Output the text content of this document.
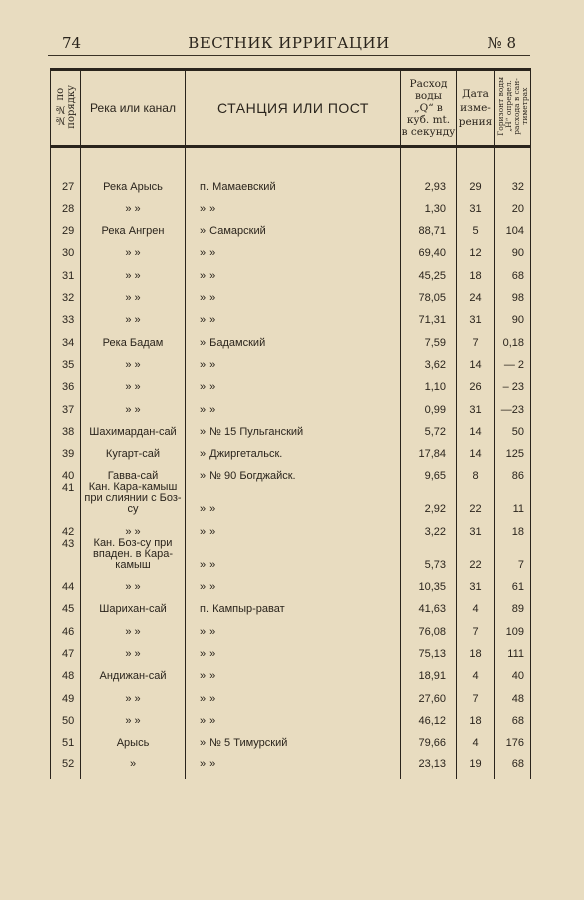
74	ВЕСТНИК ИРРИГАЦИИ	№ 8
№№ по
порядку	Река или канал	СТАНЦИЯ ИЛИ ПОСТ	Расход
воды
„Q“ в
куб. mt.
в секунду	Дата
изме-
рения	Горизонт воды
„Н“ определ.
расхода в сан-
тиметрах

27	Река Арысь	п. Мамаевский	2,93	29	32
28	» »	» »	1,30	31	20
29	Река Ангрен	» Самарский	88,71	5	104
30	» »	» »	69,40	12	90
31	» »	» »	45,25	18	68
32	» »	» »	78,05	24	98
33	» »	» »	71,31	31	90
34	Река Бадам	» Бадамский	7,59	7	0,18
35	» »	» »	3,62	14	— 2
36	» »	» »	1,10	26	– 23
37	» »	» »	0,99	31	—23
38	Шахимардан-сай	» № 15 Пульганский	5,72	14	50
39	Кугарт-сай	» Джиргетальск.	17,84	14	125
40	Гавва-сай	» № 90 Богджайск.	9,65	8	86
41	Кан. Кара-камыш при слиянии с Боз-су	» »	2,92	22	11
42	» »	» »	3,22	31	18
43	Кан. Боз-су при впаден. в Кара-камыш	» »	5,73	22	7
44	» »	» »	10,35	31	61
45	Шарихан-сай	п. Кампыр-рават	41,63	4	89
46	» »	» »	76,08	7	109
47	» »	» »	75,13	18	111
48	Андижан-сай	» »	18,91	4	40
49	» »	» »	27,60	7	48
50	» »	» »	46,12	18	68
51	Арысь	» № 5 Тимурский	79,66	4	176
52	»	» »	23,13	19	68
